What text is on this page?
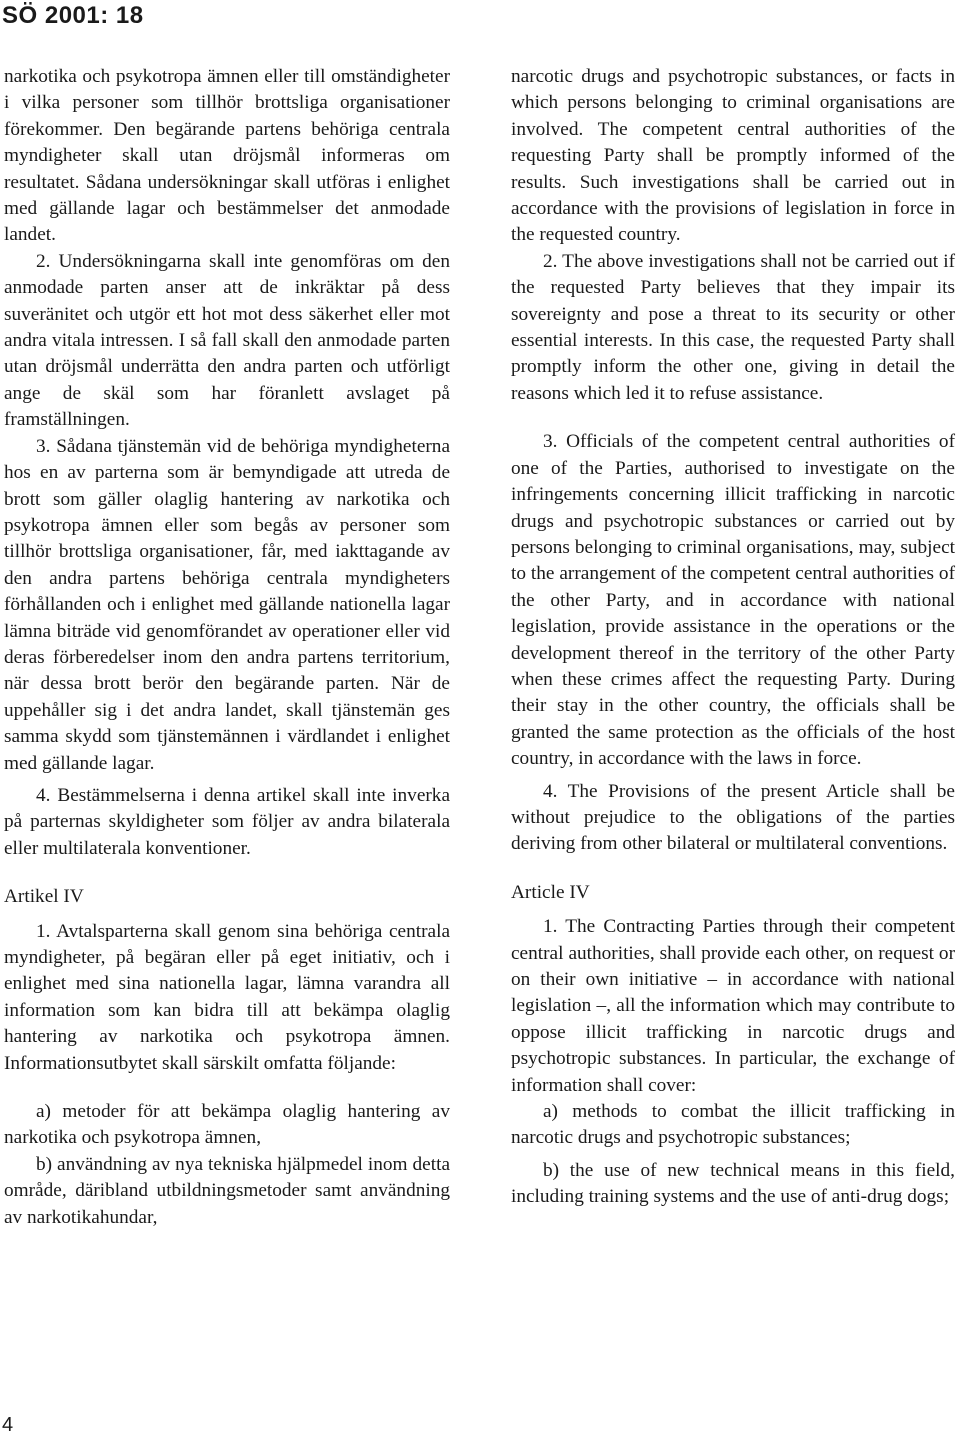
SÖ 2001: 18

narkotika och psykotropa ämnen eller till omständigheter i vilka personer som tillhör brottsliga organisationer förekommer. Den begärande partens behöriga centrala myndigheter skall utan dröjsmål informeras om resultatet. Sådana undersökningar skall utföras i enlighet med gällande lagar och bestämmelser det anmodade landet.

2. Undersökningarna skall inte genomföras om den anmodade parten anser att de inkräktar på dess suveränitet och utgör ett hot mot dess säkerhet eller mot andra vitala intressen. I så fall skall den anmodade parten utan dröjsmål underrätta den andra parten och utförligt ange de skäl som har föranlett avslaget på framställningen.

3. Sådana tjänstemän vid de behöriga myndigheterna hos en av parterna som är bemyndigade att utreda de brott som gäller olaglig hantering av narkotika och psykotropa ämnen eller som begås av personer som tillhör brottsliga organisationer, får, med iakttagande av den andra partens behöriga centrala myndigheters förhållanden och i enlighet med gällande nationella lagar lämna biträde vid genomförandet av operationer eller vid deras förberedelser inom den andra partens territorium, när dessa brott berör den begärande parten. När de uppehåller sig i det andra landet, skall tjänstemän ges samma skydd som tjänstemännen i värdlandet i enlighet med gällande lagar.

4. Bestämmelserna i denna artikel skall inte inverka på parternas skyldigheter som följer av andra bilaterala eller multilaterala konventioner.

Artikel IV

1. Avtalsparterna skall genom sina behöriga centrala myndigheter, på begäran eller på eget initiativ, och i enlighet med sina nationella lagar, lämna varandra all information som kan bidra till att bekämpa olaglig hantering av narkotika och psykotropa ämnen. Informationsutbytet skall särskilt omfatta följande:

a) metoder för att bekämpa olaglig hantering av narkotika och psykotropa ämnen,

b) användning av nya tekniska hjälpmedel inom detta område, däribland utbildningsmetoder samt användning av narkotikahundar,

narcotic drugs and psychotropic substances, or facts in which persons belonging to criminal organisations are involved. The competent central authorities of the requesting Party shall be promptly informed of the results. Such investigations shall be carried out in accordance with the provisions of legislation in force in the requested country.

2. The above investigations shall not be carried out if the requested Party believes that they impair its sovereignty and pose a threat to its security or other essential interests. In this case, the requested Party shall promptly inform the other one, giving in detail the reasons which led it to refuse assistance.

3. Officials of the competent central authorities of one of the Parties, authorised to investigate on the infringements concerning illicit trafficking in narcotic drugs and psychotropic substances or carried out by persons belonging to criminal organisations, may, subject to the arrangement of the competent central authorities of the other Party, and in accordance with national legislation, provide assistance in the operations or the development thereof in the territory of the other Party when these crimes affect the requesting Party. During their stay in the other country, the officials shall be granted the same protection as the officials of the host country, in accordance with the laws in force.

4. The Provisions of the present Article shall be without prejudice to the obligations of the parties deriving from other bilateral or multilateral conventions.

Article IV

1. The Contracting Parties through their competent central authorities, shall provide each other, on request or on their own initiative – in accordance with national legislation –, all the information which may contribute to oppose illicit trafficking in narcotic drugs and psychotropic substances. In particular, the exchange of information shall cover:

a) methods to combat the illicit trafficking in narcotic drugs and psychotropic substances;

b) the use of new technical means in this field, including training systems and the use of anti-drug dogs;

4
